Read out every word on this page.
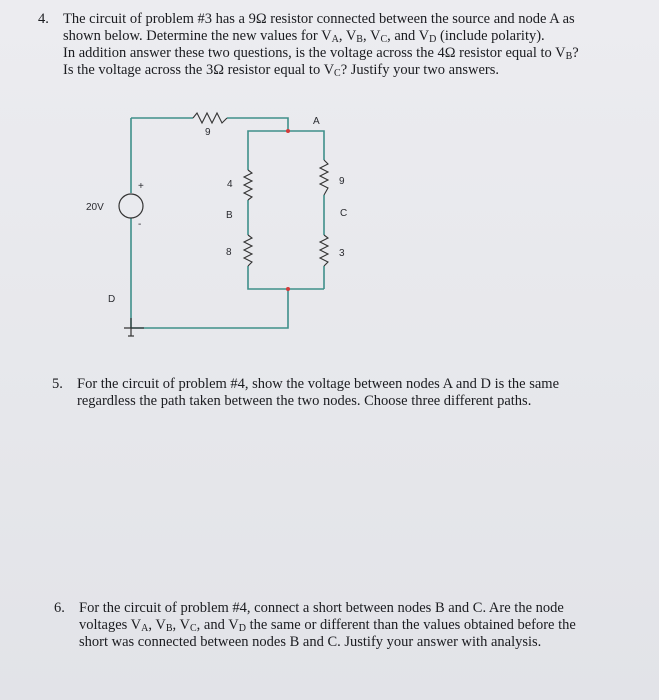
4. The circuit of problem #3 has a 9Ω resistor connected between the source and node A as
shown below. Determine the new values for $V_A$, $V_B$, $V_C$, and $V_D$ (include polarity).
In addition answer these two questions, is the voltage across the 4Ω resistor equal to $V_B$?
Is the voltage across the 3Ω resistor equal to $V_C$? Justify your two answers.
+
-
20V
9
A
4
B
8
9
C
3
D
5. For the circuit of problem #4, show the voltage between nodes A and D is the same
regardless the path taken between the two nodes. Choose three different paths.
6. For the circuit of problem #4, connect a short between nodes B and C. Are the node
voltages $V_A$, $V_B$, $V_C$, and $V_D$ the same or different than the values obtained before the
short was connected between nodes B and C. Justify your answer with analysis.
